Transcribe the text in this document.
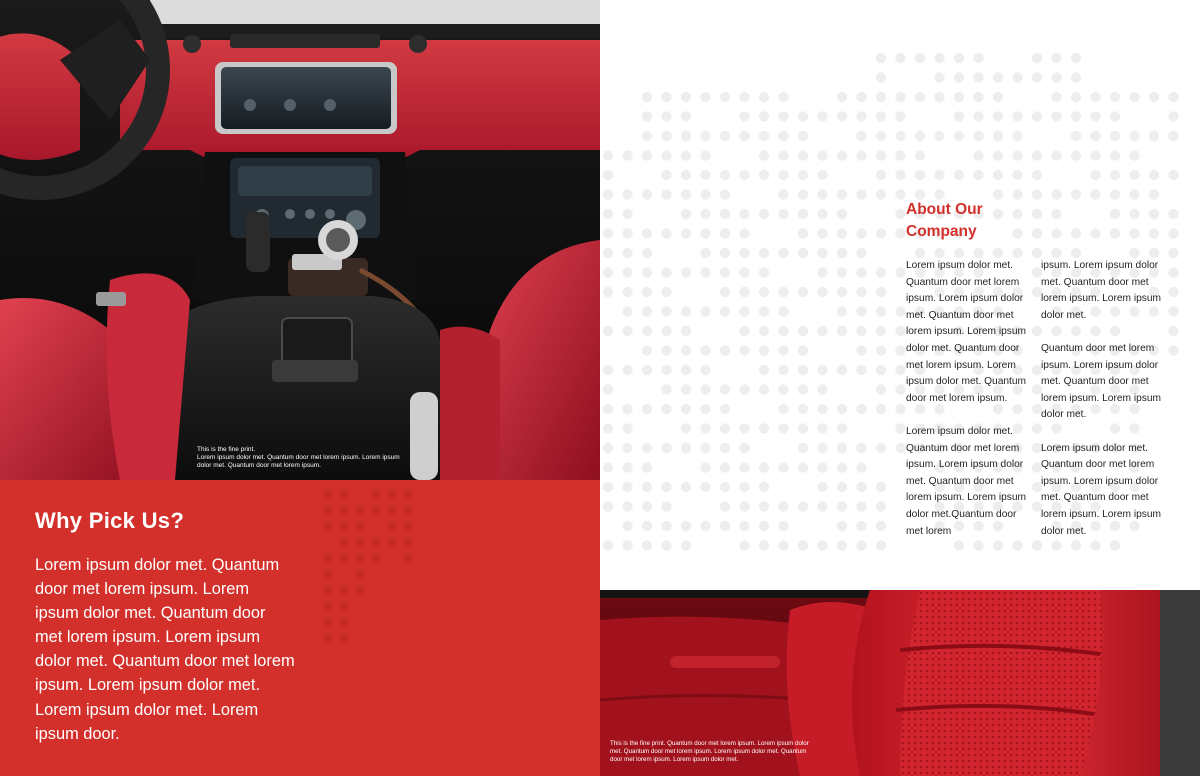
This is the fine print.
Lorem ipsum dolor met. Quantum door met lorem ipsum. Lorem ipsum dolor met. Quantum door met lorem ipsum.
Why Pick Us?

Lorem ipsum dolor met. Quantum door met lorem ipsum. Lorem ipsum dolor met. Quantum door met lorem ipsum. Lorem ipsum dolor met. Quantum door met lorem ipsum. Lorem ipsum dolor met. Lorem ipsum dolor met. Lorem ipsum door.

About Our Company

Lorem ipsum dolor met. Quantum door met lorem ipsum. Lorem ipsum dolor met. Quantum door met lorem ipsum. Lorem ipsum dolor met. Quantum door met lorem ipsum. Lorem ipsum dolor met. Quantum door met lorem ipsum.

Lorem ipsum dolor met. Quantum door met lorem ipsum. Lorem ipsum dolor met. Quantum door met lorem ipsum. Lorem ipsum dolor met.Quantum door met lorem

ipsum. Lorem ipsum dolor met. Quantum door met lorem ipsum. Lorem ipsum dolor met.

Quantum door met lorem ipsum. Lorem ipsum dolor met. Quantum door met lorem ipsum. Lorem ipsum dolor met.

Lorem ipsum dolor met. Quantum door met lorem ipsum. Lorem ipsum dolor met. Quantum door met lorem ipsum. Lorem ipsum dolor met.

This is the fine print. Quantum door met lorem ipsum. Lorem ipsum dolor met. Quantum door met lorem ipsum. Lorem ipsum dolor met. Quantum door met lorem ipsum. Lorem ipsum dolor met.
